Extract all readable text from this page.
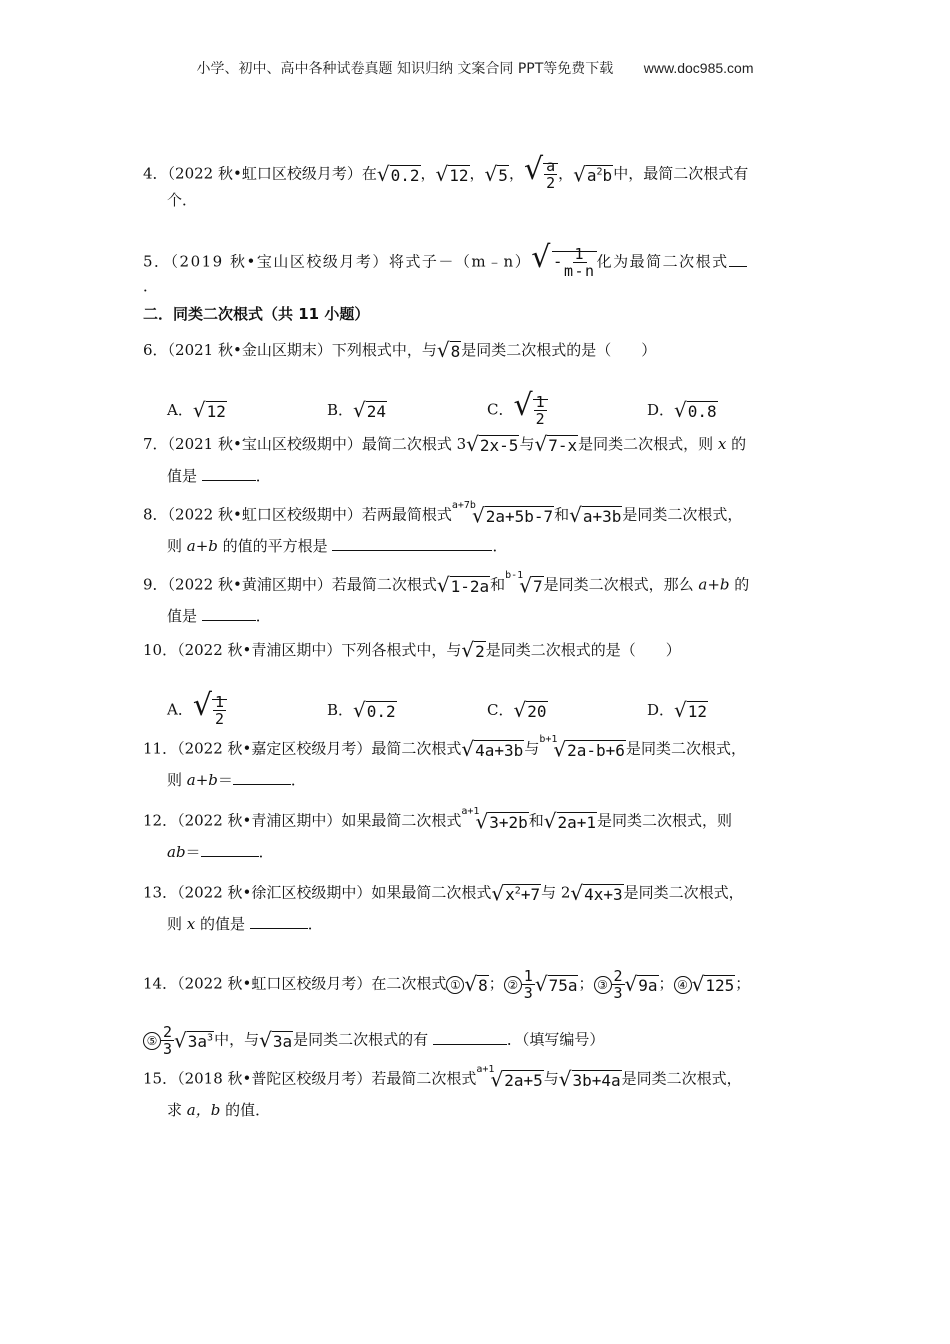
小学、初中、高中各种试卷真题 知识归纳 文案合同 PPT等免费下载 www.doc985.com
4．（2022 秋•虹口区校级月考）在√0.2，√12，√5，√ $\frac{a}{2}$ ，$√a^2b$中，最简二次根式有
个．
5．（2019 秋•宝山区校级月考）将式子－（m﹣n）√- $\frac{1}{m-n}$ 化为最简二次根式
．
二．同类二次根式（共 11 小题）
6．（2021 秋•金山区期末）下列根式中，与√8是同类二次根式的是（　　）
A．√12	B．√24	C．√ $\frac{1}{2}$	D．√0.8
7．（2021 秋•宝山区校级期中）最简二次根式 3√2x-5与√7-x是同类二次根式，则 x 的
值是	．
8．（2022 秋•虹口区校级期中）若两最简根式$^{a+7b}$√2a+5b-7和√a+3b是同类二次根式，
则 a+b 的值的平方根是	．
9．（2022 秋•黄浦区期中）若最简二次根式√1-2a和$^{b-1}$√7是同类二次根式，那么 a+b 的
值是	．
10．（2022 秋•青浦区期中）下列各根式中，与√2是同类二次根式的是（　　）
A．√ $\frac{1}{2}$	B．√0.2	C．√20	D．√12
11．（2022 秋•嘉定区校级月考）最简二次根式√4a+3b与$^{b+1}$√2a-b+6是同类二次根式，
则 a+b＝	．
12．（2022 秋•青浦区期中）如果最简二次根式$^{a+1}$√3+2b和√2a+1是同类二次根式，则
ab＝	．
13．（2022 秋•徐汇区校级期中）如果最简二次根式$√x^2+7$与 2√4x+3是同类二次根式，
则 x 的值是	．
14．（2022 秋•虹口区校级月考）在二次根式 ① √8； ② $\frac{1}{3} √75a$； ③ $\frac{2}{3} √9a$； ④ √125；
⑤ $\frac{2}{3} √3a^3$中，与√3a是同类二次根式的有	．（填写编号）
15．（2018 秋•普陀区校级月考）若最简二次根式$^{a+1}$√2a+5与√3b+4a是同类二次根式，
求 a，b 的值．
